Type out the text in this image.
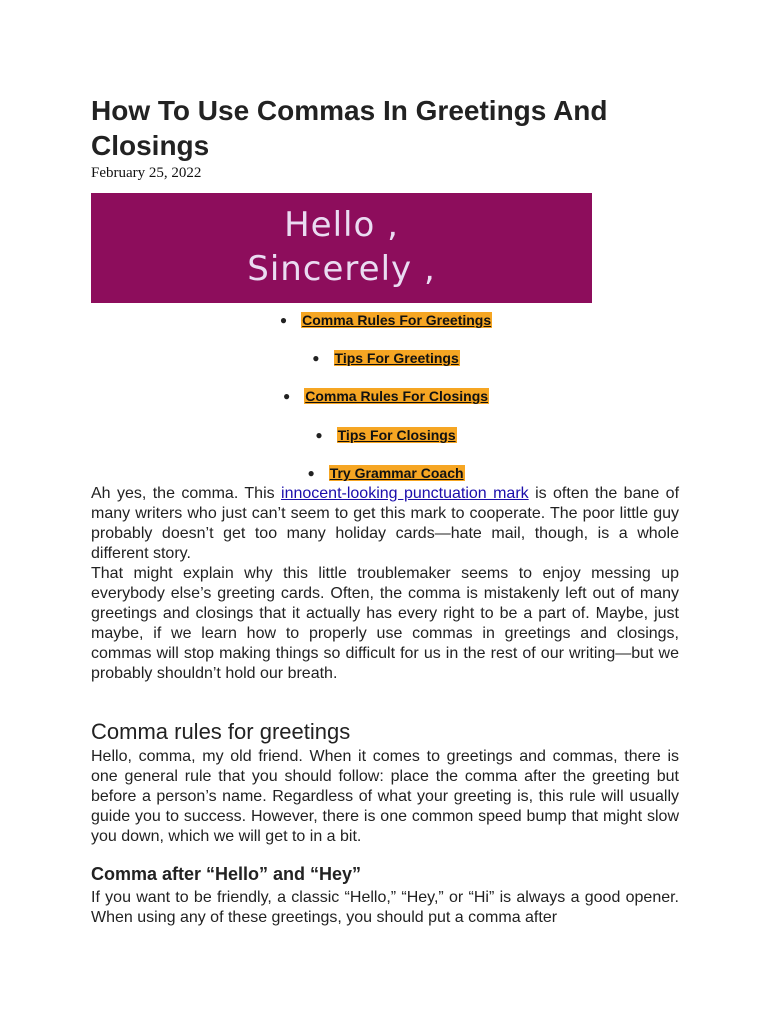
How To Use Commas In Greetings And Closings
February 25, 2022
Hello ,
Sincerely ,
● Comma Rules For Greetings
● Tips For Greetings
● Comma Rules For Closings
● Tips For Closings
● Try Grammar Coach

Ah yes, the comma. This innocent-looking punctuation mark is often the bane of many writers who just can’t seem to get this mark to cooperate. The poor little guy probably doesn’t get too many holiday cards—hate mail, though, is a whole different story.

That might explain why this little troublemaker seems to enjoy messing up everybody else’s greeting cards. Often, the comma is mistakenly left out of many greetings and closings that it actually has every right to be a part of. Maybe, just maybe, if we learn how to properly use commas in greetings and closings, commas will stop making things so difficult for us in the rest of our writing—but we probably shouldn’t hold our breath.

Comma rules for greetings

Hello, comma, my old friend. When it comes to greetings and commas, there is one general rule that you should follow: place the comma after the greeting but before a person’s name. Regardless of what your greeting is, this rule will usually guide you to success. However, there is one common speed bump that might slow you down, which we will get to in a bit.

Comma after “Hello” and “Hey”

If you want to be friendly, a classic “Hello,” “Hey,” or “Hi” is always a good opener. When using any of these greetings, you should put a comma after
